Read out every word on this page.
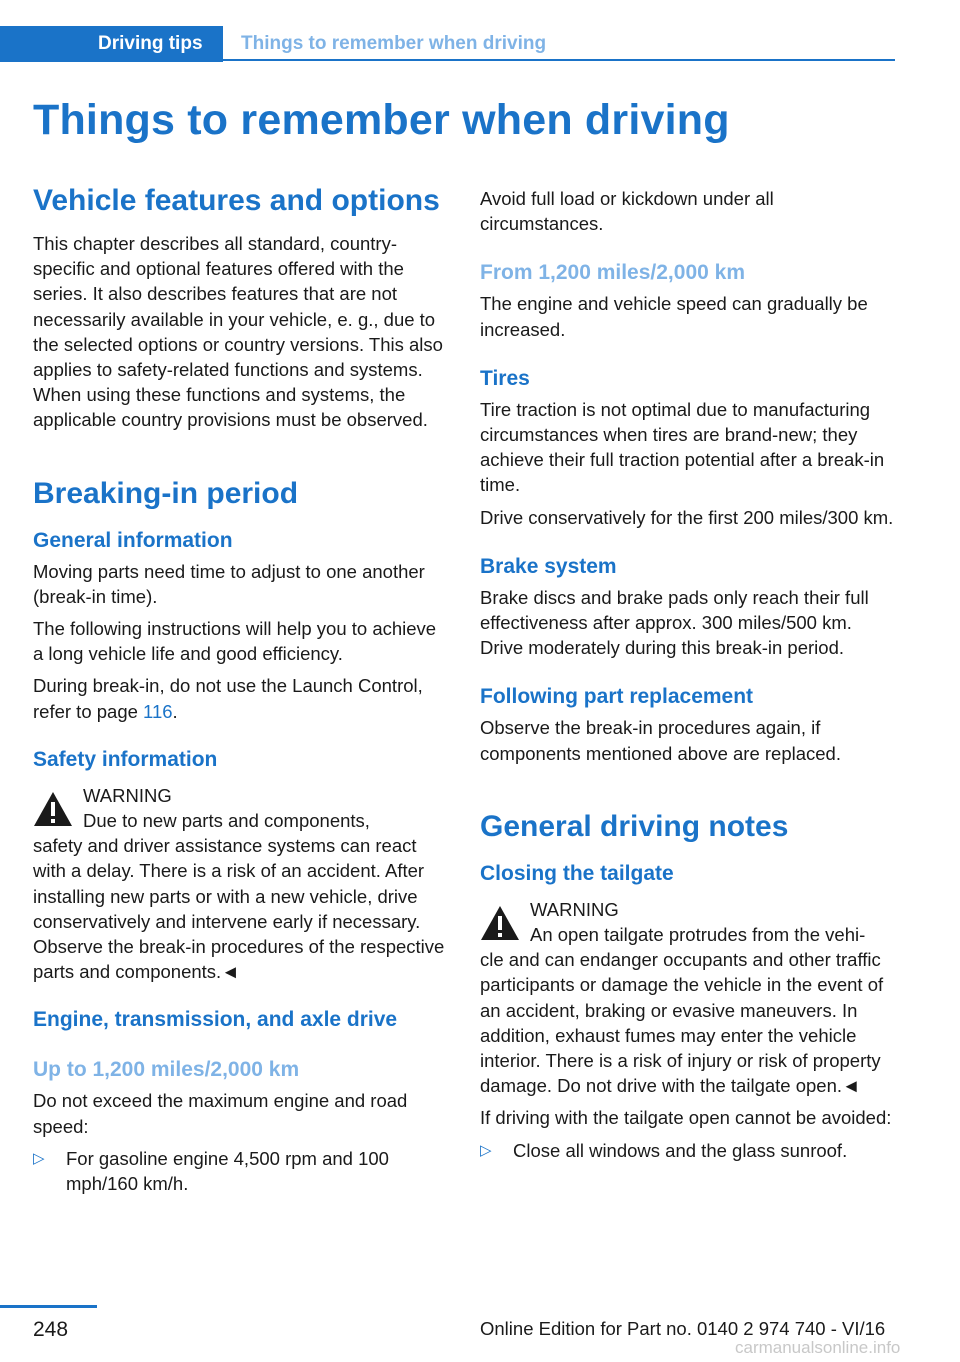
Driving tips Things to remember when driving
Things to remember when driving
Vehicle features and options

This chapter describes all standard, country-specific and optional features offered with the series. It also describes features that are not necessarily available in your vehicle, e. g., due to the selected options or country versions. This also applies to safety-related functions and systems. When using these functions and systems, the applicable country provisions must be observed.

Breaking-in period
General information

Moving parts need time to adjust to one another (break-in time).

The following instructions will help you to achieve a long vehicle life and good efficiency.

During break-in, do not use the Launch Control, refer to page 116.

Safety information

WARNING

Due to new parts and components,

safety and driver assistance systems can react with a delay. There is a risk of an accident. After installing new parts or with a new vehicle, drive conservatively and intervene early if necessary. Observe the break-in procedures of the respective parts and components.◄

Engine, transmission, and axle drive
Up to 1,200 miles/2,000 km

Do not exceed the maximum engine and road speed:

▷ For gasoline engine 4,500 rpm and 100 mph/160 km/h.

Avoid full load or kickdown under all circumstances.

From 1,200 miles/2,000 km

The engine and vehicle speed can gradually be increased.

Tires

Tire traction is not optimal due to manufacturing circumstances when tires are brand-new; they achieve their full traction potential after a break-in time.

Drive conservatively for the first 200 miles/300 km.

Brake system

Brake discs and brake pads only reach their full effectiveness after approx. 300 miles/500 km. Drive moderately during this break-in period.

Following part replacement

Observe the break-in procedures again, if components mentioned above are replaced.

General driving notes
Closing the tailgate

WARNING

An open tailgate protrudes from the vehi-

cle and can endanger occupants and other traffic participants or damage the vehicle in the event of an accident, braking or evasive maneuvers. In addition, exhaust fumes may enter the vehicle interior. There is a risk of injury or risk of property damage. Do not drive with the tailgate open.◄

If driving with the tailgate open cannot be avoided:

▷ Close all windows and the glass sunroof.
248	Online Edition for Part no. 0140 2 974 740 - VI/16
carmanualsonline.info
